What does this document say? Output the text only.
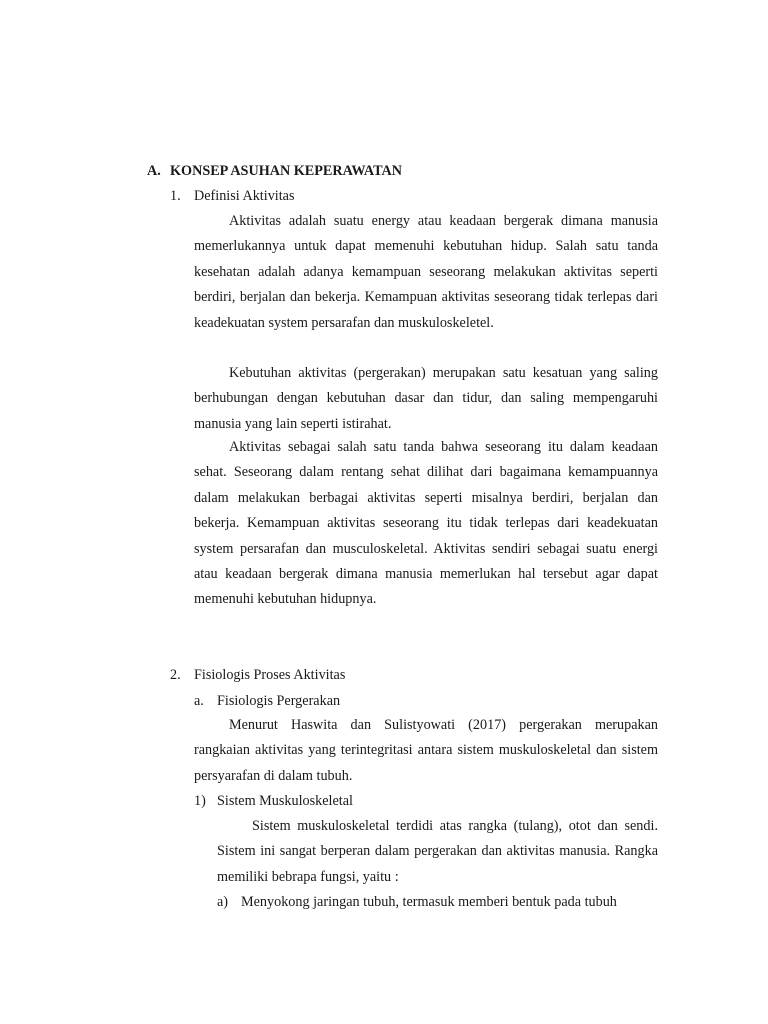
A. KONSEP ASUHAN KEPERAWATAN
1. Definisi Aktivitas
Aktivitas adalah suatu energy atau keadaan bergerak dimana manusia memerlukannya untuk dapat memenuhi kebutuhan hidup. Salah satu tanda kesehatan adalah adanya kemampuan seseorang melakukan aktivitas seperti berdiri, berjalan dan bekerja. Kemampuan aktivitas seseorang tidak terlepas dari keadekuatan system persarafan dan muskuloskeletel.
Kebutuhan aktivitas (pergerakan) merupakan satu kesatuan yang saling berhubungan dengan kebutuhan dasar dan tidur, dan saling mempengaruhi manusia yang lain seperti istirahat.
Aktivitas sebagai salah satu tanda bahwa seseorang itu dalam keadaan sehat. Seseorang dalam rentang sehat dilihat dari bagaimana kemampuannya dalam melakukan berbagai aktivitas seperti misalnya berdiri, berjalan dan bekerja. Kemampuan aktivitas seseorang itu tidak terlepas dari keadekuatan system persarafan dan musculoskeletal. Aktivitas sendiri sebagai suatu energi atau keadaan bergerak dimana manusia memerlukan hal tersebut agar dapat memenuhi kebutuhan hidupnya.
2. Fisiologis Proses Aktivitas
a. Fisiologis Pergerakan
Menurut Haswita dan Sulistyowati (2017) pergerakan merupakan rangkaian aktivitas yang terintegritasi antara sistem muskuloskeletal dan sistem persyarafan di dalam tubuh.
1) Sistem Muskuloskeletal
Sistem muskuloskeletal terdidi atas rangka (tulang), otot dan sendi. Sistem ini sangat berperan dalam pergerakan dan aktivitas manusia. Rangka memiliki bebrapa fungsi, yaitu :
a) Menyokong jaringan tubuh, termasuk memberi bentuk pada tubuh
